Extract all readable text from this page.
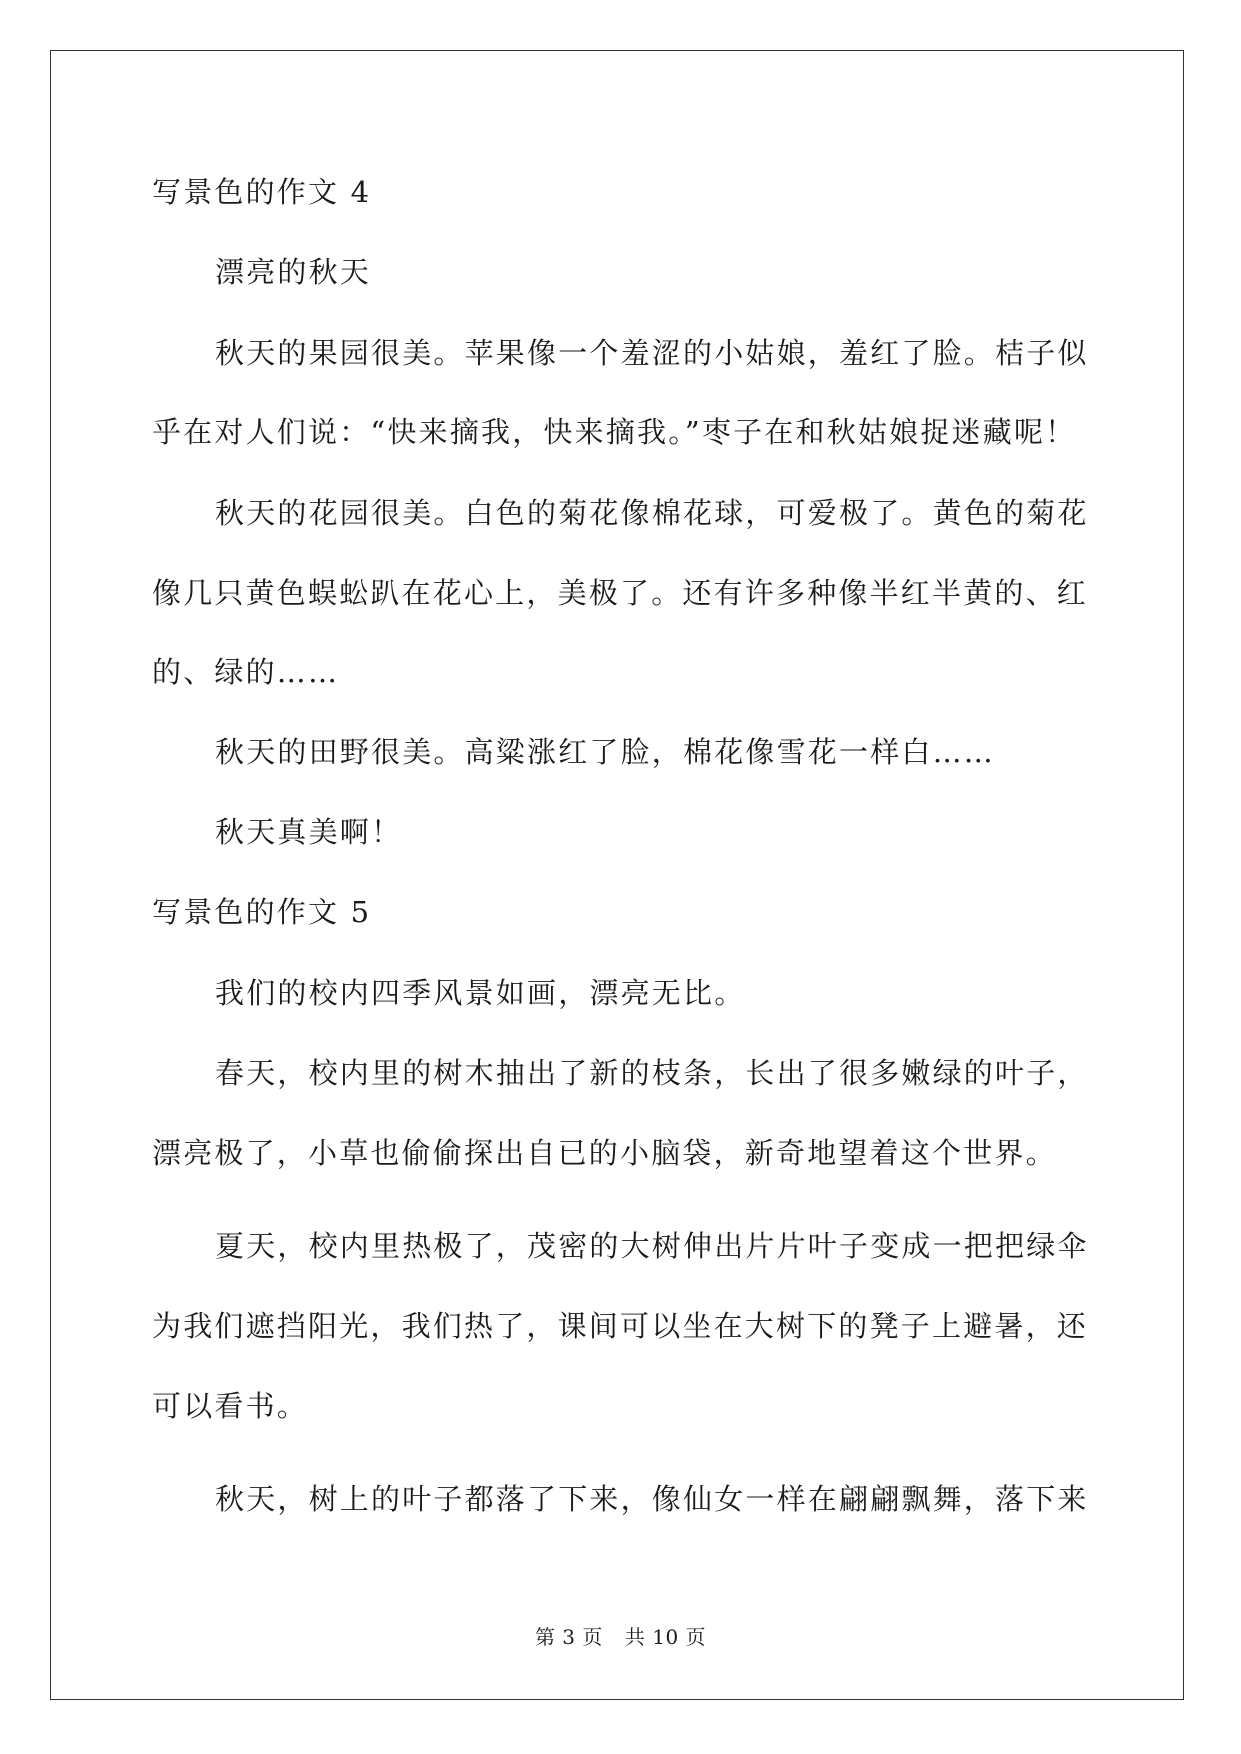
写景色的作文 4
漂亮的秋天
秋天的果园很美。苹果像一个羞涩的小姑娘，羞红了脸。桔子似
乎在对人们说：“快来摘我，快来摘我。”枣子在和秋姑娘捉迷藏呢！
秋天的花园很美。白色的菊花像棉花球，可爱极了。黄色的菊花
像几只黄色蜈蚣趴在花心上，美极了。还有许多种像半红半黄的、红
的、绿的……
秋天的田野很美。高粱涨红了脸，棉花像雪花一样白……
秋天真美啊！
写景色的作文 5
我们的校内四季风景如画，漂亮无比。
春天，校内里的树木抽出了新的枝条，长出了很多嫩绿的叶子，
漂亮极了，小草也偷偷探出自已的小脑袋，新奇地望着这个世界。
夏天，校内里热极了，茂密的大树伸出片片叶子变成一把把绿伞
为我们遮挡阳光，我们热了，课间可以坐在大树下的凳子上避暑，还
可以看书。
秋天，树上的叶子都落了下来，像仙女一样在翩翩飘舞，落下来
第 3 页 共 10 页
